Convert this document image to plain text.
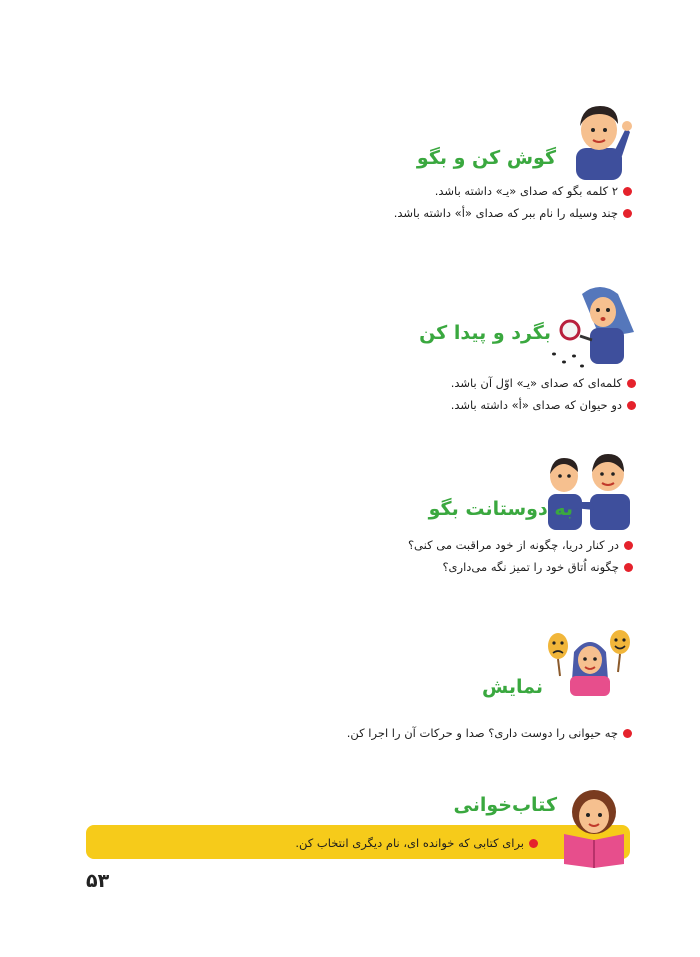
گوش کن و بگو
۲ کلمه بگو که صدای «یـ» داشته باشد.
چند وسیله را نام ببر که صدای «أ» داشته باشد.
بگرد و پیدا کن
کلمه‌ای که صدای «یـ» اوّل آن باشد.
دو حیوان که صدای «أ» داشته باشد.
به دوستانت بگو
در کنار دریا، چگونه از خود مراقبت می کنی؟
چگونه اُتاق خود را تمیز نگه می‌داری؟
نمایش
چه حیوانی را دوست داری؟ صدا و حرکات آن را اجرا کن.
کتاب‌خوانی
برای کتابی که خوانده ای، نام دیگری انتخاب کن.
۵۳
